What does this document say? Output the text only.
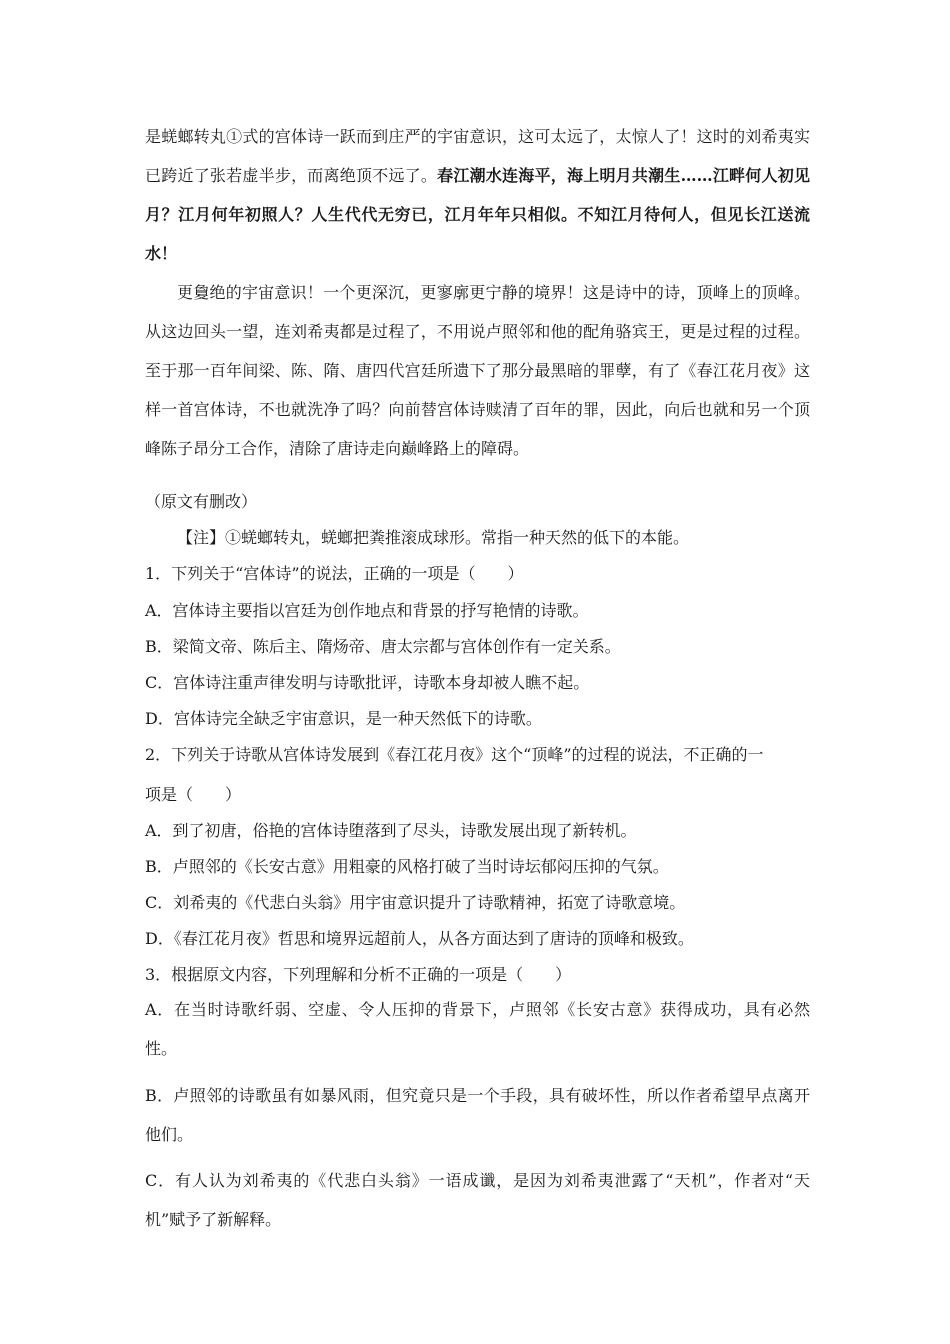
是蜣螂转丸①式的宫体诗一跃而到庄严的宇宙意识，这可太远了，太惊人了！这时的刘希夷实已跨近了张若虚半步，而离绝顶不远了。春江潮水连海平，海上明月共潮生……江畔何人初见月？江月何年初照人？人生代代无穷已，江月年年只相似。不知江月待何人，但见长江送流水！

更敻绝的宇宙意识！一个更深沉，更寥廓更宁静的境界！这是诗中的诗，顶峰上的顶峰。从这边回头一望，连刘希夷都是过程了，不用说卢照邻和他的配角骆宾王，更是过程的过程。至于那一百年间梁、陈、隋、唐四代宫廷所遗下了那分最黑暗的罪孽，有了《春江花月夜》这样一首宫体诗，不也就洗净了吗？向前替宫体诗赎清了百年的罪，因此，向后也就和另一个顶峰陈子昂分工合作，清除了唐诗走向巅峰路上的障碍。

（原文有删改）
【注】①蜣螂转丸，蜣螂把粪推滚成球形。常指一种天然的低下的本能。
1．下列关于“宫体诗”的说法，正确的一项是（　　）
A．宫体诗主要指以宫廷为创作地点和背景的抒写艳情的诗歌。
B．梁简文帝、陈后主、隋炀帝、唐太宗都与宫体创作有一定关系。
C．宫体诗注重声律发明与诗歌批评，诗歌本身却被人瞧不起。
D．宫体诗完全缺乏宇宙意识，是一种天然低下的诗歌。
2．下列关于诗歌从宫体诗发展到《春江花月夜》这个“顶峰”的过程的说法，不正确的一
项是（　　）
A．到了初唐，俗艳的宫体诗堕落到了尽头，诗歌发展出现了新转机。
B．卢照邻的《长安古意》用粗豪的风格打破了当时诗坛郁闷压抑的气氛。
C．刘希夷的《代悲白头翁》用宇宙意识提升了诗歌精神，拓宽了诗歌意境。
D．《春江花月夜》哲思和境界远超前人，从各方面达到了唐诗的顶峰和极致。
3．根据原文内容，下列理解和分析不正确的一项是（　　）

A．在当时诗歌纤弱、空虚、令人压抑的背景下，卢照邻《长安古意》获得成功，具有必然性。

B．卢照邻的诗歌虽有如暴风雨，但究竟只是一个手段，具有破坏性，所以作者希望早点离开他们。

C．有人认为刘希夷的《代悲白头翁》一语成谶，是因为刘希夷泄露了“天机”，作者对“天机”赋予了新解释。
